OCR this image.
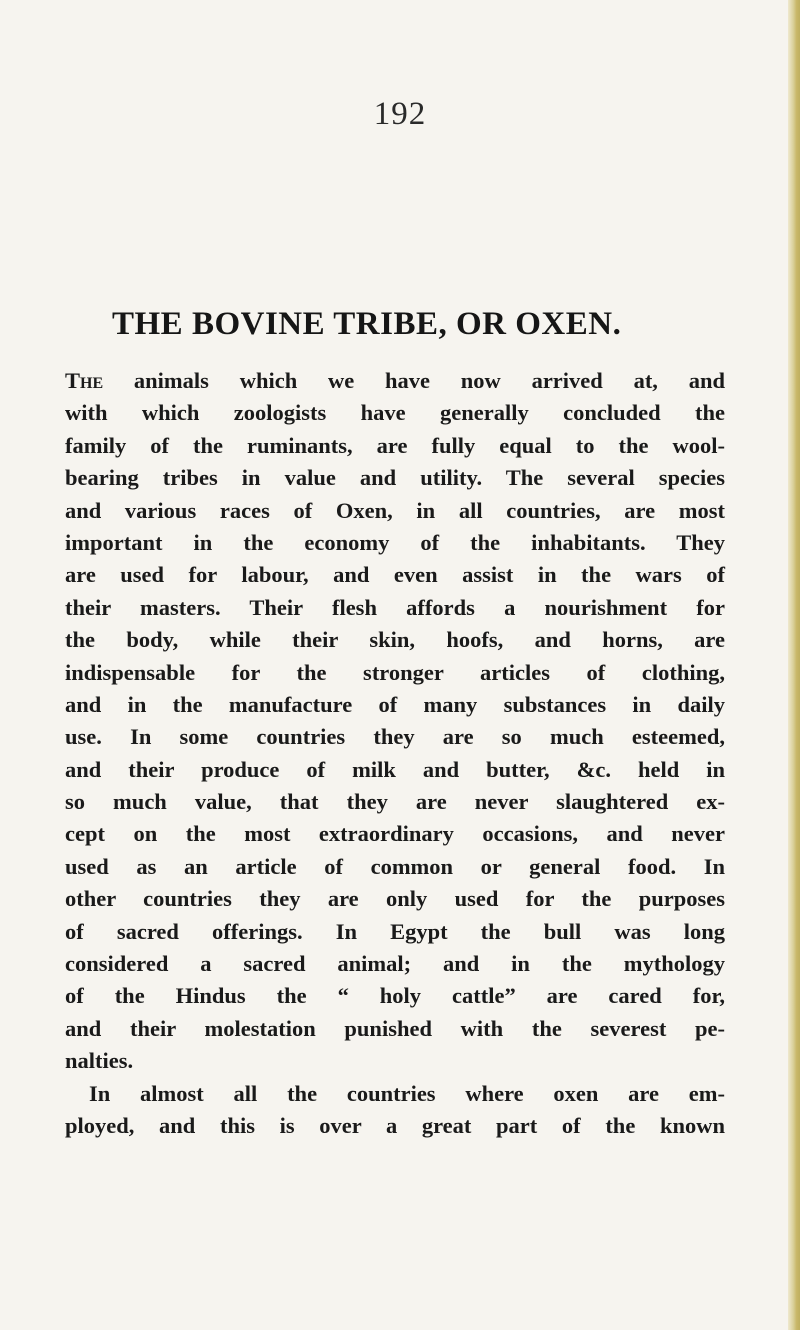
192
THE BOVINE TRIBE, OR OXEN.
The animals which we have now arrived at, and
with which zoologists have generally concluded the
family of the ruminants, are fully equal to the wool-
bearing tribes in value and utility. The several species
and various races of Oxen, in all countries, are most
important in the economy of the inhabitants. They
are used for labour, and even assist in the wars of
their masters. Their flesh affords a nourishment for
the body, while their skin, hoofs, and horns, are
indispensable for the stronger articles of clothing,
and in the manufacture of many substances in daily
use. In some countries they are so much esteemed,
and their produce of milk and butter, &c. held in
so much value, that they are never slaughtered ex-
cept on the most extraordinary occasions, and never
used as an article of common or general food. In
other countries they are only used for the purposes
of sacred offerings. In Egypt the bull was long
considered a sacred animal; and in the mythology
of the Hindus the “ holy cattle” are cared for,
and their molestation punished with the severest pe-
nalties.
In almost all the countries where oxen are em-
ployed, and this is over a great part of the known
